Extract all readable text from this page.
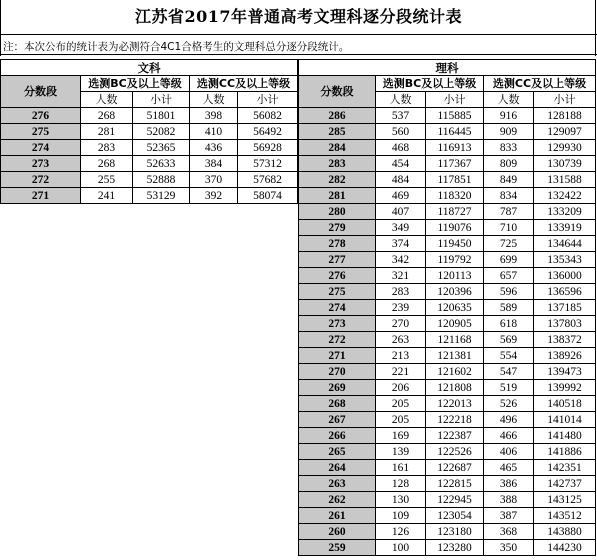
江苏省2017年普通高考文理科逐分段统计表
注：本次公布的统计表为必测符合4C1合格考生的文理科总分逐分段统计。
文科				
分数段	选测BC及以上等级		选测CC及以上等级	
	人数	小计	人数	小计
276	268	51801	398	56082
275	281	52082	410	56492
274	283	52365	436	56928
273	268	52633	384	57312
272	255	52888	370	57682
271	241	53129	392	58074
理科				
分数段	选测BC及以上等级		选测CC及以上等级	
	人数	小计	人数	小计
286	537	115885	916	128188
285	560	116445	909	129097
284	468	116913	833	129930
283	454	117367	809	130739
282	484	117851	849	131588
281	469	118320	834	132422
280	407	118727	787	133209
279	349	119076	710	133919
278	374	119450	725	134644
277	342	119792	699	135343
276	321	120113	657	136000
275	283	120396	596	136596
274	239	120635	589	137185
273	270	120905	618	137803
272	263	121168	569	138372
271	213	121381	554	138926
270	221	121602	547	139473
269	206	121808	519	139992
268	205	122013	526	140518
267	205	122218	496	141014
266	169	122387	466	141480
265	139	122526	406	141886
264	161	122687	465	142351
263	128	122815	386	142737
262	130	122945	388	143125
261	109	123054	387	143512
260	126	123180	368	143880
259	100	123280	350	144230
